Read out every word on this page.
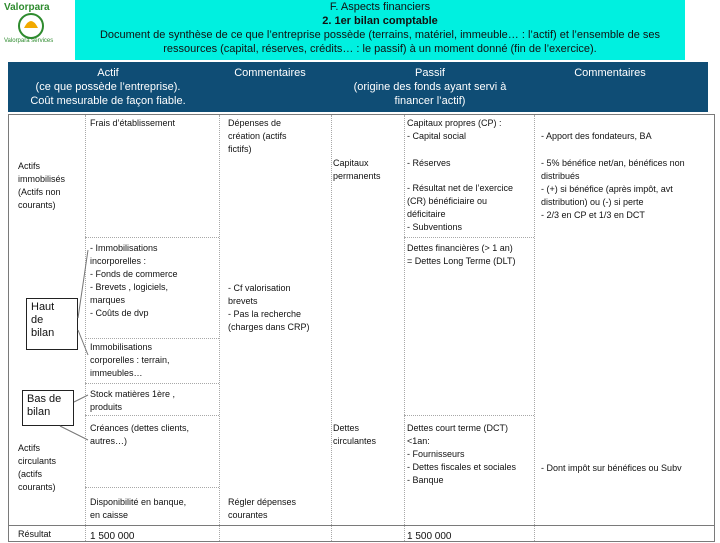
Valorpara
Valorpara services
F. Aspects financiers
2. 1er bilan comptable
Document de synthèse de ce que l’entreprise possède (terrains, matériel, immeuble… : l’actif) et l’ensemble de ses
ressources (capital, réserves, crédits… : le passif) à un moment donné (fin de l’exercice).
Actif
(ce que possède l’entreprise).
Coût mesurable de façon fiable.
Commentaires	Passif
(origine des fonds ayant servi à
financer l’actif)
Commentaires
Actifs
immobilisés
(Actifs non
courants)
Actifs
circulants
(actifs
courants)
Résultat
Haut
de
bilan
Bas de
bilan
Frais d’établissement
- Immobilisations
incorporelles :
- Fonds de commerce
- Brevets , logiciels,
marques
- Coûts de dvp
Immobilisations
corporelles : terrain,
immeubles…
Stock matières 1ère ,
produits
Créances (dettes clients,
autres…)
Disponibilité en banque,
en caisse
1 500 000
Dépenses de
création (actifs
fictifs)
- Cf valorisation
brevets
- Pas la recherche
(charges dans CRP)
Régler dépenses
courantes
Capitaux
permanents
Dettes
circulantes
Capitaux propres (CP) :
- Capital social
- Réserves
- Résultat net de l’exercice
(CR) bénéficiaire ou
déficitaire
- Subventions
Dettes financières (> 1 an)
= Dettes Long Terme (DLT)
Dettes court terme (DCT)
<1an:
- Fournisseurs
- Dettes fiscales et sociales
- Banque
1 500 000
- Apport des fondateurs, BA
- 5% bénéfice net/an, bénéfices non
distribués
- (+) si bénéfice (après impôt, avt
distribution) ou (-) si perte
- 2/3 en CP et 1/3 en DCT
- Dont impôt sur bénéfices ou Subv
